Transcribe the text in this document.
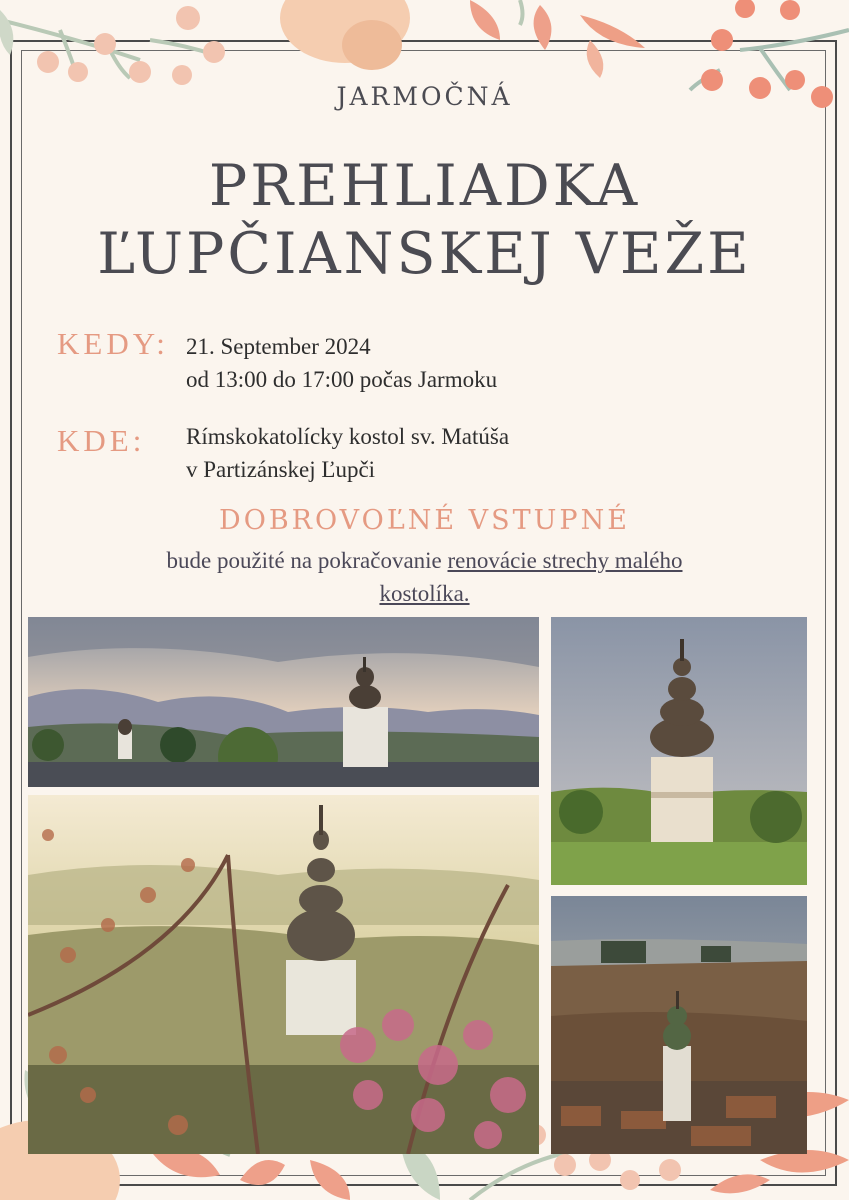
JARMOČNÁ
PREHLIADKA
ĽUPČIANSKEJ VEŽE
KEDY: 21. September 2024
od 13:00 do 17:00 počas Jarmoku
KDE: Rímskokatolícky kostol sv. Matúša
v Partizánskej Ľupči
DOBROVOĽNÉ VSTUPNÉ
bude použité na pokračovanie renovácie strechy malého
kostolíka.
